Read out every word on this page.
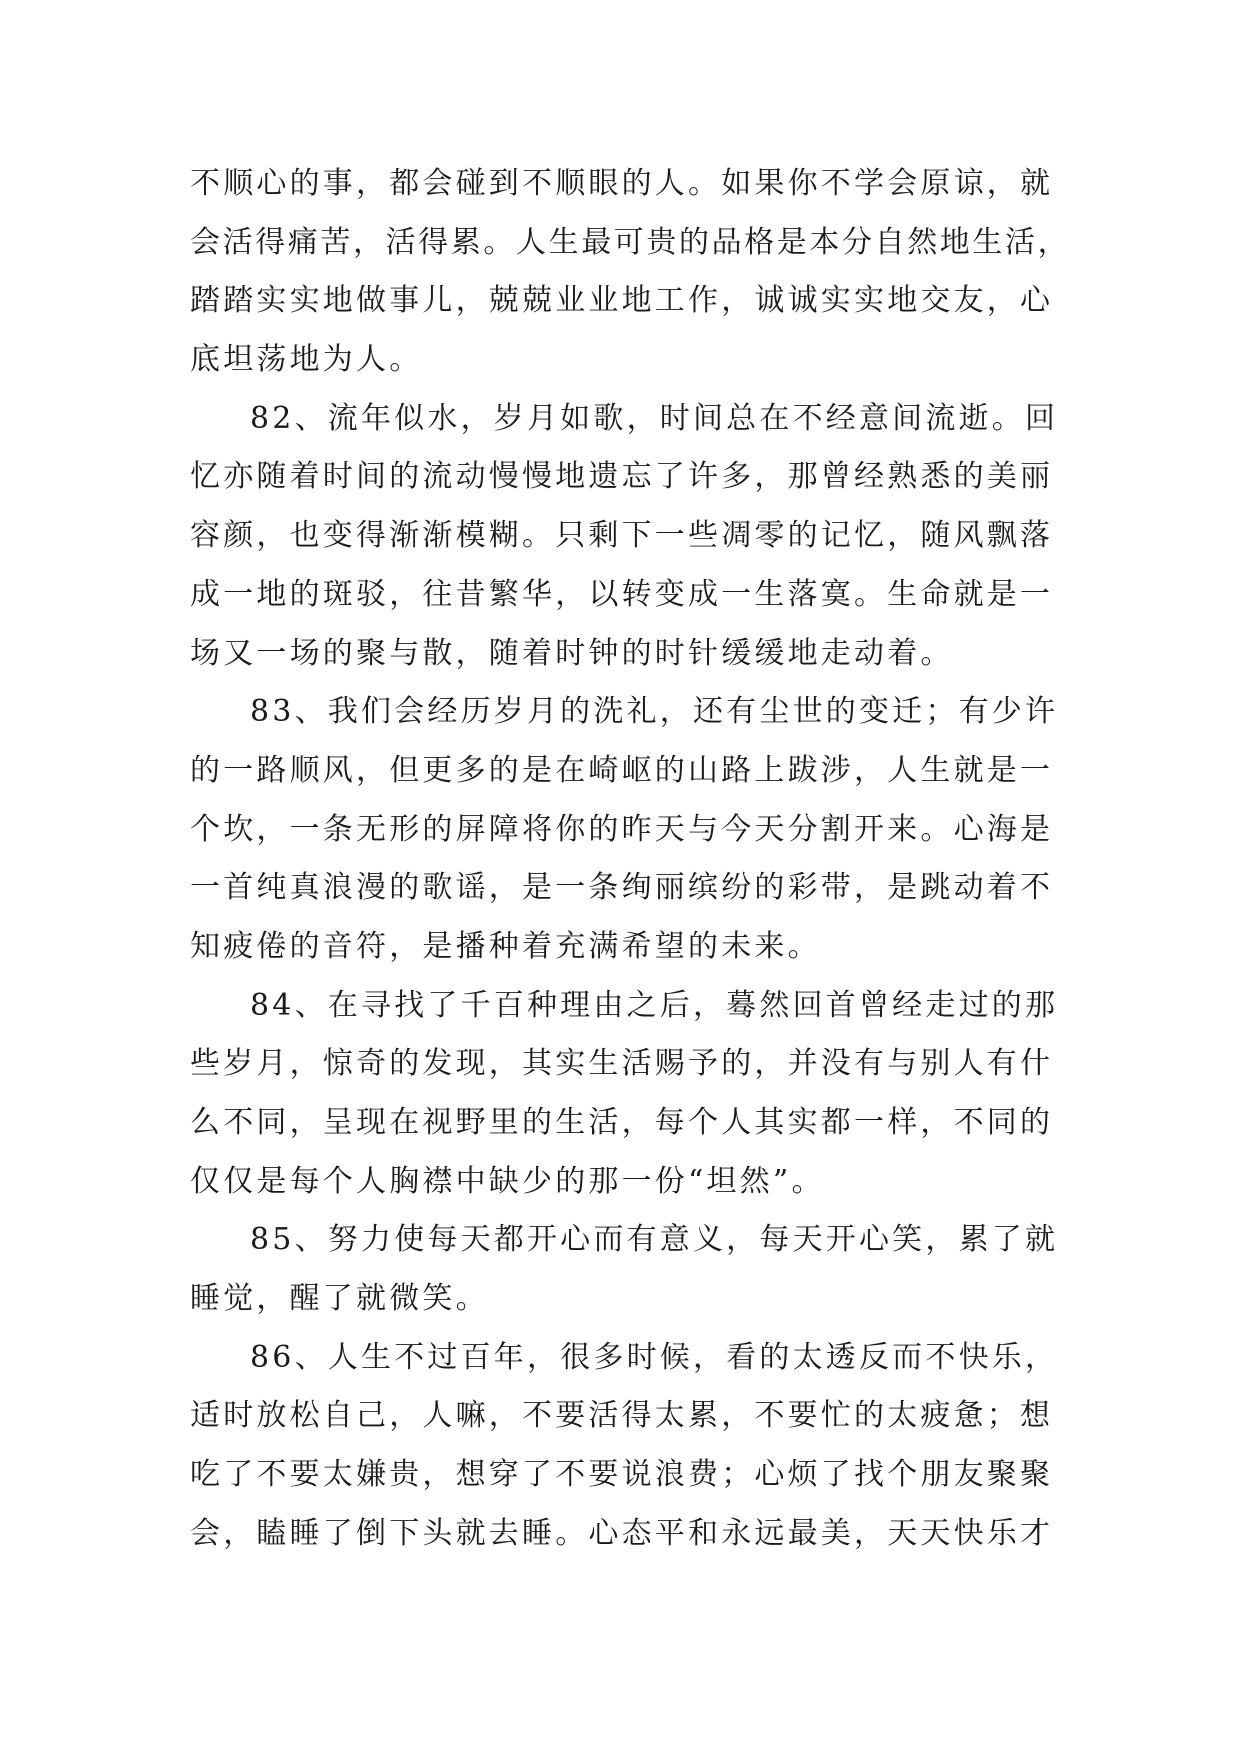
不顺心的事，都会碰到不顺眼的人。如果你不学会原谅，就
会活得痛苦，活得累。人生最可贵的品格是本分自然地生活，
踏踏实实地做事儿，兢兢业业地工作，诚诚实实地交友，心
底坦荡地为人。
82、流年似水，岁月如歌，时间总在不经意间流逝。回
忆亦随着时间的流动慢慢地遗忘了许多，那曾经熟悉的美丽
容颜，也变得渐渐模糊。只剩下一些凋零的记忆，随风飘落
成一地的斑驳，往昔繁华，以转变成一生落寞。生命就是一
场又一场的聚与散，随着时钟的时针缓缓地走动着。
83、我们会经历岁月的洗礼，还有尘世的变迁；有少许
的一路顺风，但更多的是在崎岖的山路上跋涉，人生就是一
个坎，一条无形的屏障将你的昨天与今天分割开来。心海是
一首纯真浪漫的歌谣，是一条绚丽缤纷的彩带，是跳动着不
知疲倦的音符，是播种着充满希望的未来。
84、在寻找了千百种理由之后，蓦然回首曾经走过的那
些岁月，惊奇的发现，其实生活赐予的，并没有与别人有什
么不同，呈现在视野里的生活，每个人其实都一样，不同的
仅仅是每个人胸襟中缺少的那一份“坦然”。
85、努力使每天都开心而有意义，每天开心笑，累了就
睡觉，醒了就微笑。
86、人生不过百年，很多时候，看的太透反而不快乐，
适时放松自己，人嘛，不要活得太累，不要忙的太疲惫；想
吃了不要太嫌贵，想穿了不要说浪费；心烦了找个朋友聚聚
会，瞌睡了倒下头就去睡。心态平和永远最美，天天快乐才
